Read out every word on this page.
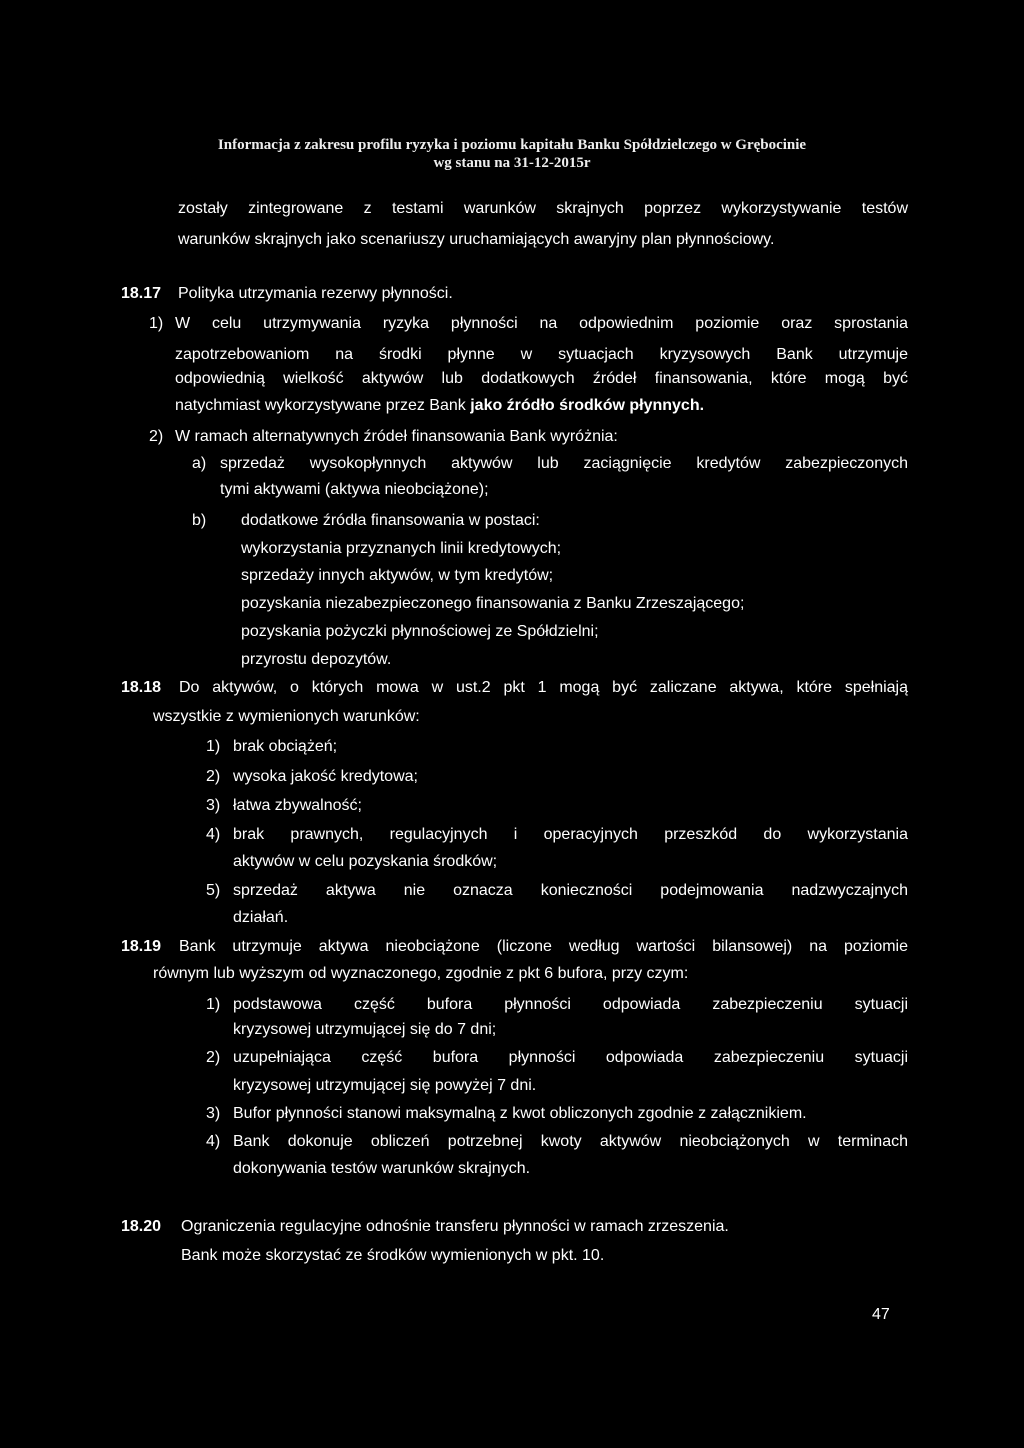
Informacja z zakresu profilu ryzyka i poziomu kapitału Banku Spółdzielczego w Grębocinie
wg stanu na 31-12-2015r
zostały zintegrowane z testami warunków skrajnych poprzez wykorzystywanie testów
warunków skrajnych jako scenariuszy uruchamiających awaryjny plan płynnościowy.
18.17 Polityka utrzymania rezerwy płynności.
1) W celu utrzymywania ryzyka płynności na odpowiednim poziomie oraz sprostania
zapotrzebowaniom na środki płynne w sytuacjach kryzysowych Bank utrzymuje
odpowiednią wielkość aktywów lub dodatkowych źródeł finansowania, które mogą być
natychmiast wykorzystywane przez Bank jako źródło środków płynnych.
2) W ramach alternatywnych źródeł finansowania Bank wyróżnia:
a) sprzedaż wysokopłynnych aktywów lub zaciągnięcie kredytów zabezpieczonych
tymi aktywami (aktywa nieobciążone);
b) dodatkowe źródła finansowania w postaci:
wykorzystania przyznanych linii kredytowych;
sprzedaży innych aktywów, w tym kredytów;
pozyskania niezabezpieczonego finansowania z Banku Zrzeszającego;
pozyskania pożyczki płynnościowej ze Spółdzielni;
przyrostu depozytów.
18.18 Do aktywów, o których mowa w ust.2 pkt 1 mogą być zaliczane aktywa, które spełniają
wszystkie z wymienionych warunków:
1) brak obciążeń;
2) wysoka jakość kredytowa;
3) łatwa zbywalność;
4) brak prawnych, regulacyjnych i operacyjnych przeszkód do wykorzystania
aktywów w celu pozyskania środków;
5) sprzedaż aktywa nie oznacza konieczności podejmowania nadzwyczajnych
działań.
18.19 Bank utrzymuje aktywa nieobciążone (liczone według wartości bilansowej) na poziomie
równym lub wyższym od wyznaczonego, zgodnie z pkt 6 bufora, przy czym:
1) podstawowa część bufora płynności odpowiada zabezpieczeniu sytuacji
kryzysowej utrzymującej się do 7 dni;
2) uzupełniająca część bufora płynności odpowiada zabezpieczeniu sytuacji
kryzysowej utrzymującej się powyżej 7 dni.
3) Bufor płynności stanowi maksymalną z kwot obliczonych zgodnie z załącznikiem.
4) Bank dokonuje obliczeń potrzebnej kwoty aktywów nieobciążonych w terminach
dokonywania testów warunków skrajnych.
18.20 Ograniczenia regulacyjne odnośnie transferu płynności w ramach zrzeszenia.
Bank może skorzystać ze środków wymienionych w pkt. 10.
47
